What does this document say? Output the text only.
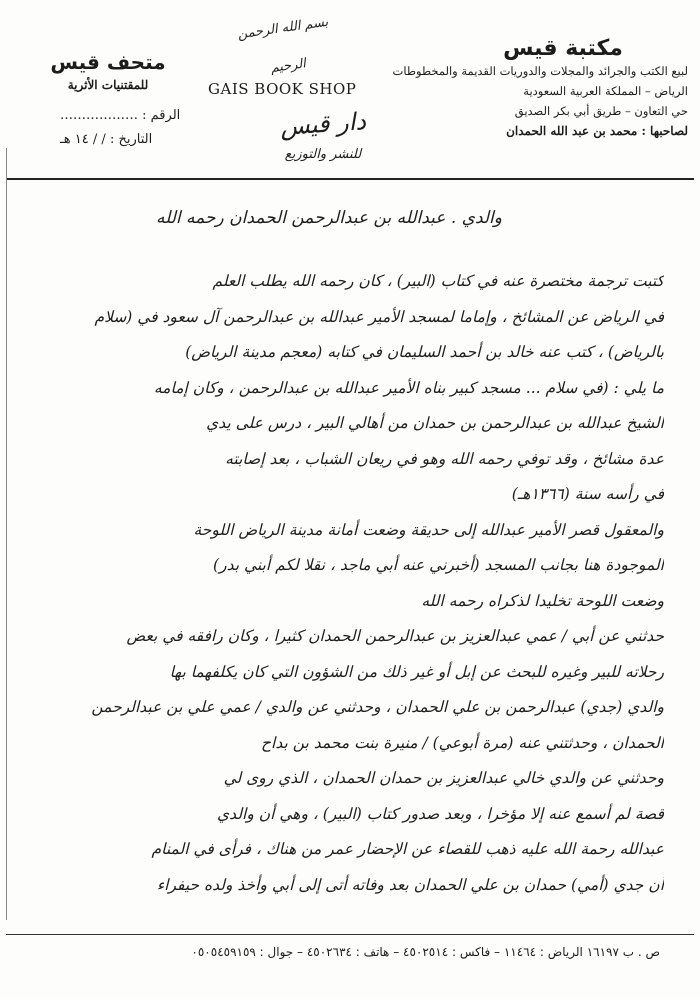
بسم الله الرحمن الرحيم
مكتبة قيس
لبيع الكتب والجرائد والمجلات والدوريات القديمة والمخطوطات
الرياض – المملكة العربية السعودية
حي التعاون – طريق أبي بكر الصديق
لصاحبها : محمد بن عبد الله الحمدان
GAIS BOOK SHOP
دار قيس
للنشر والتوزيع
متحف قيس
للمقتنيات الأثرية
الرقم : ………………
التاريخ : / / ١٤ هـ
والدي . عبدالله بن عبدالرحمن الحمدان رحمه الله
كتبت ترجمة مختصرة عنه في كتاب (البير) ، كان رحمه الله يطلب العلم
في الرياض عن المشائخ ، وإماما لمسجد الأمير عبدالله بن عبدالرحمن آل سعود في (سلام
بالرياض) ، كتب عنه خالد بن أحمد السليمان في كتابه (معجم مدينة الرياض)
ما يلي : (في سلام ... مسجد كبير بناه الأمير عبدالله بن عبدالرحمن ، وكان إمامه
الشيخ عبدالله بن عبدالرحمن بن حمدان من أهالي البير ، درس على يدي
عدة مشائخ ، وقد توفي رحمه الله وهو في ريعان الشباب ، بعد إصابته
في رأسه سنة (١٣٦٦هـ)
والمعقول قصر الأمير عبدالله إلى حديقة وضعت أمانة مدينة الرياض اللوحة
الموجودة هنا بجانب المسجد (أخبرني عنه أبي ماجد ، نقلا لكم أبني بدر)
وضعت اللوحة تخليدا لذكراه رحمه الله
حدثني عن أبي / عمي عبدالعزيز بن عبدالرحمن الحمدان كثيرا ، وكان رافقه في بعض
رحلاته للبير وغيره للبحث عن إبل أو غير ذلك من الشؤون التي كان يكلفهما بها
والدي (جدي) عبدالرحمن بن علي الحمدان ، وحدثني عن والدي / عمي علي بن عبدالرحمن
الحمدان ، وحدثتني عنه (مرة أبوعي) / منيرة بنت محمد بن بداح
وحدثني عن والدي خالي عبدالعزيز بن حمدان الحمدان ، الذي روى لي
قصة لم أسمع عنه إلا مؤخرا ، وبعد صدور كتاب (البير) ، وهي أن والدي
عبدالله رحمة الله عليه ذهب للقصاء عن الإحضار عمر من هناك ، فرأى في المنام
أن جدي (أمي) حمدان بن علي الحمدان بعد وفاته أتى إلى أبي وأخذ ولده حيفراء
ص . ب ١٦١٩٧ الرياض : ١١٤٦٤ – فاكس : ٤٥٠٢٥١٤ – هاتف : ٤٥٠٢٦٣٤ – جوال : ٠٥٠٥٤٥٩١٥٩
